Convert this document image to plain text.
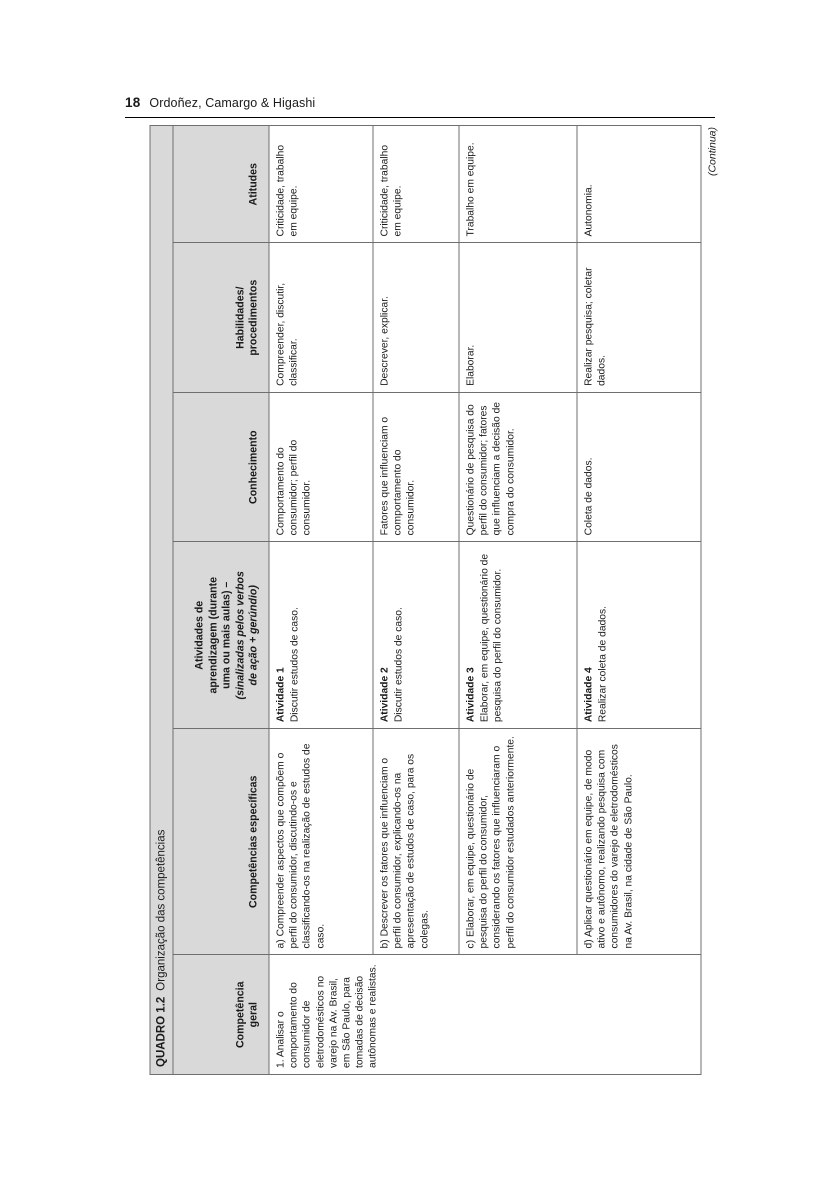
18 Ordoñez, Camargo & Higashi
QUADRO 1.2
Organização das competências
Competência geral	Competências específicas	Atividades de aprendizagem (durante uma ou mais aulas) – (sinalizadas pelos verbos de ação + gerúndio)	Conhecimento	Habilidades/ procedimentos	Atitudes

1. Analisar o comportamento do consumidor de eletrodomésticos no varejo na Av. Brasil, em São Paulo, para tomadas de decisão autônomas e realistas.	a) Compreender aspectos que compõem o perfil do consumidor, discutindo-os e classificando-os na realização de estudos de caso.	Atividade 1 Discutir estudos de caso.	Comportamento do consumidor; perfil do consumidor.	Compreender, discutir, classificar.	Criticidade, trabalho em equipe.
	b) Descrever os fatores que influenciam o perfil do consumidor, explicando-os na apresentação de estudos de caso, para os colegas.	Atividade 2 Discutir estudos de caso.	Fatores que influenciam o comportamento do consumidor.	Descrever, explicar.	Criticidade, trabalho em equipe.
	c) Elaborar, em equipe, questionário de pesquisa do perfil do consumidor, considerando os fatores que influenciaram o perfil do consumidor estudados anteriormente.	Atividade 3 Elaborar, em equipe, questionário de pesquisa do perfil do consumidor.	Questionário de pesquisa do perfil do consumidor; fatores que influenciam a decisão de compra do consumidor.	Elaborar.	Trabalho em equipe.
	d) Aplicar questionário em equipe, de modo ativo e autônomo, realizando pesquisa com consumidores do varejo de eletrodomésticos na Av. Brasil, na cidade de São Paulo.	Atividade 4 Realizar coleta de dados.	Coleta de dados.	Realizar pesquisa; coletar dados.	Autonomia.
(Continua)
